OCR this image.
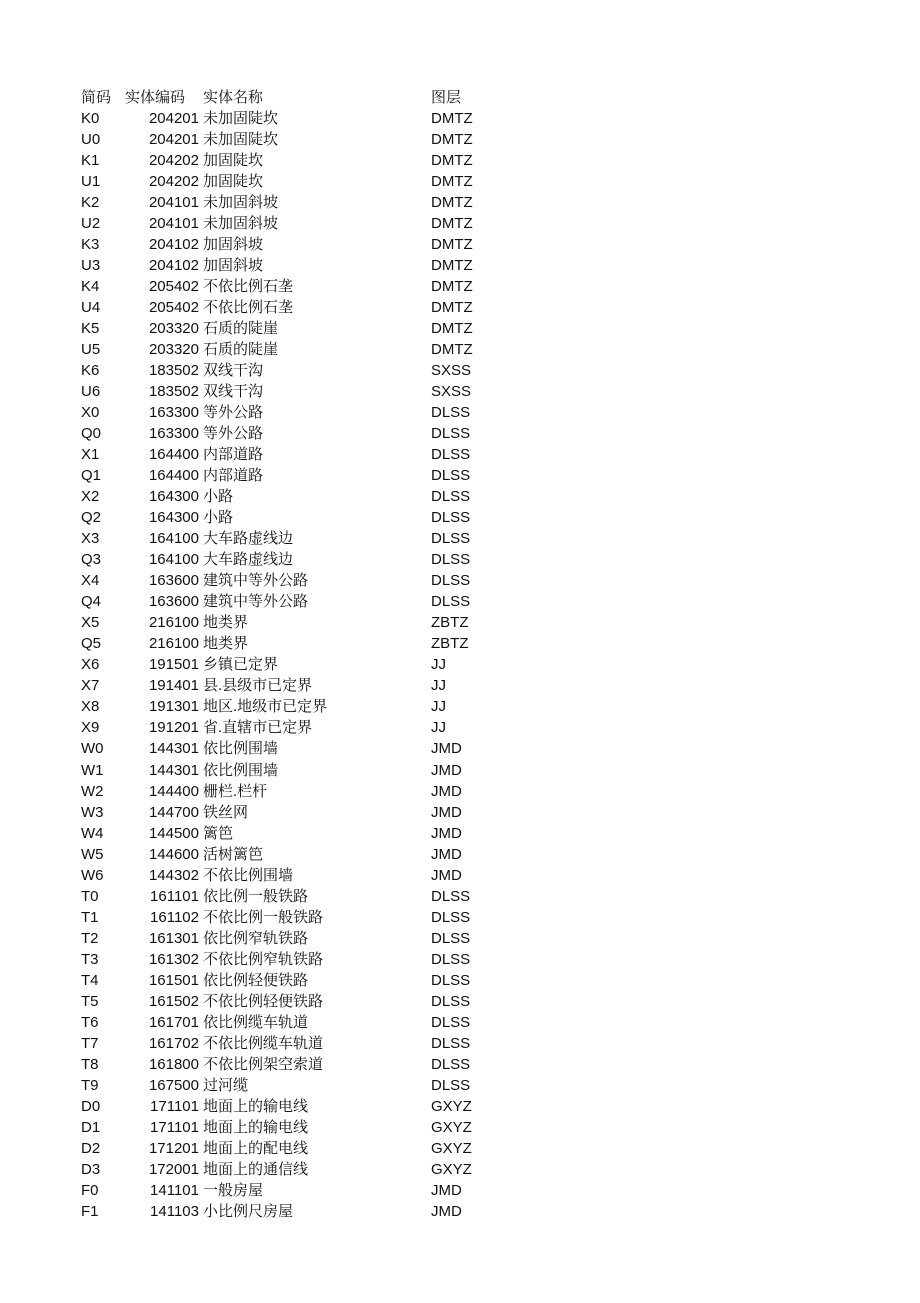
简码 实体编码 实体名称	图层
K0	204201 未加固陡坎	DMTZ
U0	204201 未加固陡坎	DMTZ
K1	204202 加固陡坎	DMTZ
U1	204202 加固陡坎	DMTZ
K2	204101 未加固斜坡	DMTZ
U2	204101 未加固斜坡	DMTZ
K3	204102 加固斜坡	DMTZ
U3	204102 加固斜坡	DMTZ
K4	205402 不依比例石垄	DMTZ
U4	205402 不依比例石垄	DMTZ
K5	203320 石质的陡崖	DMTZ
U5	203320 石质的陡崖	DMTZ
K6	183502 双线干沟	SXSS
U6	183502 双线干沟	SXSS
X0	163300 等外公路	DLSS
Q0	163300 等外公路	DLSS
X1	164400 内部道路	DLSS
Q1	164400 内部道路	DLSS
X2	164300 小路	DLSS
Q2	164300 小路	DLSS
X3	164100 大车路虚线边	DLSS
Q3	164100 大车路虚线边	DLSS
X4	163600 建筑中等外公路	DLSS
Q4	163600 建筑中等外公路	DLSS
X5	216100 地类界	ZBTZ
Q5	216100 地类界	ZBTZ
X6	191501 乡镇已定界	JJ
X7	191401 县.县级市已定界	JJ
X8	191301 地区.地级市已定界	JJ
X9	191201 省.直辖市已定界	JJ
W0	144301 依比例围墙	JMD
W1	144301 依比例围墙	JMD
W2	144400 栅栏.栏杆	JMD
W3	144700 铁丝网	JMD
W4	144500 篱笆	JMD
W5	144600 活树篱笆	JMD
W6	144302 不依比例围墙	JMD
T0	161101 依比例一般铁路	DLSS
T1	161102 不依比例一般铁路	DLSS
T2	161301 依比例窄轨铁路	DLSS
T3	161302 不依比例窄轨铁路	DLSS
T4	161501 依比例轻便铁路	DLSS
T5	161502 不依比例轻便铁路	DLSS
T6	161701 依比例缆车轨道	DLSS
T7	161702 不依比例缆车轨道	DLSS
T8	161800 不依比例架空索道	DLSS
T9	167500 过河缆	DLSS
D0	171101 地面上的输电线	GXYZ
D1	171101 地面上的输电线	GXYZ
D2	171201 地面上的配电线	GXYZ
D3	172001 地面上的通信线	GXYZ
F0	141101 一般房屋	JMD
F1	141103 小比例尺房屋	JMD
